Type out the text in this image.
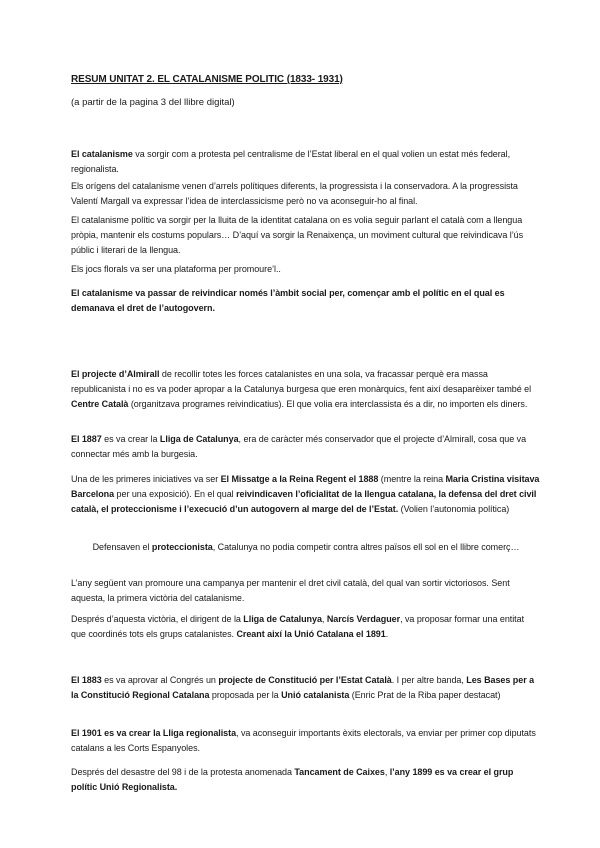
RESUM UNITAT 2. EL CATALANISME POLITIC (1833- 1931)
(a partir de la pagina 3 del llibre digital)
El catalanisme va sorgir com a protesta pel centralisme de l’Estat liberal en el qual volien un estat més federal, regionalista.
Els orígens del catalanisme venen d’arrels polítiques diferents, la progressista i la conservadora. A la progressista Valentí Margall va expressar l’idea de interclassicisme però no va aconseguir-ho al final.
El catalanisme polític va sorgir per la lluita de la identitat catalana on es volia seguir parlant el català com a llengua pròpia, mantenir els costums populars… D’aquí va sorgir la Renaixença, un moviment cultural que reivindicava l’ús públic i literari de la llengua.
Els jocs florals va ser una plataforma per promoure’l..
El catalanisme va passar de reivindicar només l’àmbit social per, començar amb el polític en el qual es demanava el dret de l’autogovern.
El projecte d’Almirall de recollir totes les forces catalanistes en una sola, va fracassar perquè era massa republicanista i no es va poder apropar a la Catalunya burgesa que eren monàrquics, fent així desaparèixer també el Centre Català (organitzava programes reivindicatius). El que volia era interclassista és a dir, no importen els diners.
El 1887 es va crear la Lliga de Catalunya, era de caràcter més conservador que el projecte d’Almirall, cosa que va connectar més amb la burgesia.
Una de les primeres iniciatives va ser El Missatge a la Reina Regent el 1888 (mentre la reina Maria Cristina visitava Barcelona per una exposició). En el qual reivindicaven l’oficialitat de la llengua catalana, la defensa del dret civil català, el proteccionisme i l’execució d’un autogovern al marge del de l’Estat. (Volien l’autonomia política)
Defensaven el proteccionista, Catalunya no podia competir contra altres països ell sol en el llibre comerç…
L’any següent van promoure una campanya per mantenir el dret civil català, del qual van sortir victoriosos. Sent aquesta, la primera victòria del catalanisme.
Després d’aquesta victòria, el dirigent de la Lliga de Catalunya, Narcís Verdaguer, va proposar formar una entitat que coordinés tots els grups catalanistes. Creant així la Unió Catalana el 1891.
El 1883 es va aprovar al Congrés un projecte de Constitució per l’Estat Català. I per altre banda, Les Bases per a la Constitució Regional Catalana proposada per la Unió catalanista (Enric Prat de la Riba paper destacat)
El 1901 es va crear la Lliga regionalista, va aconseguir importants èxits electorals, va enviar per primer cop diputats catalans a les Corts Espanyoles.
Després del desastre del 98 i de la protesta anomenada Tancament de Caixes, l’any 1899 es va crear el grup polític Unió Regionalista.
